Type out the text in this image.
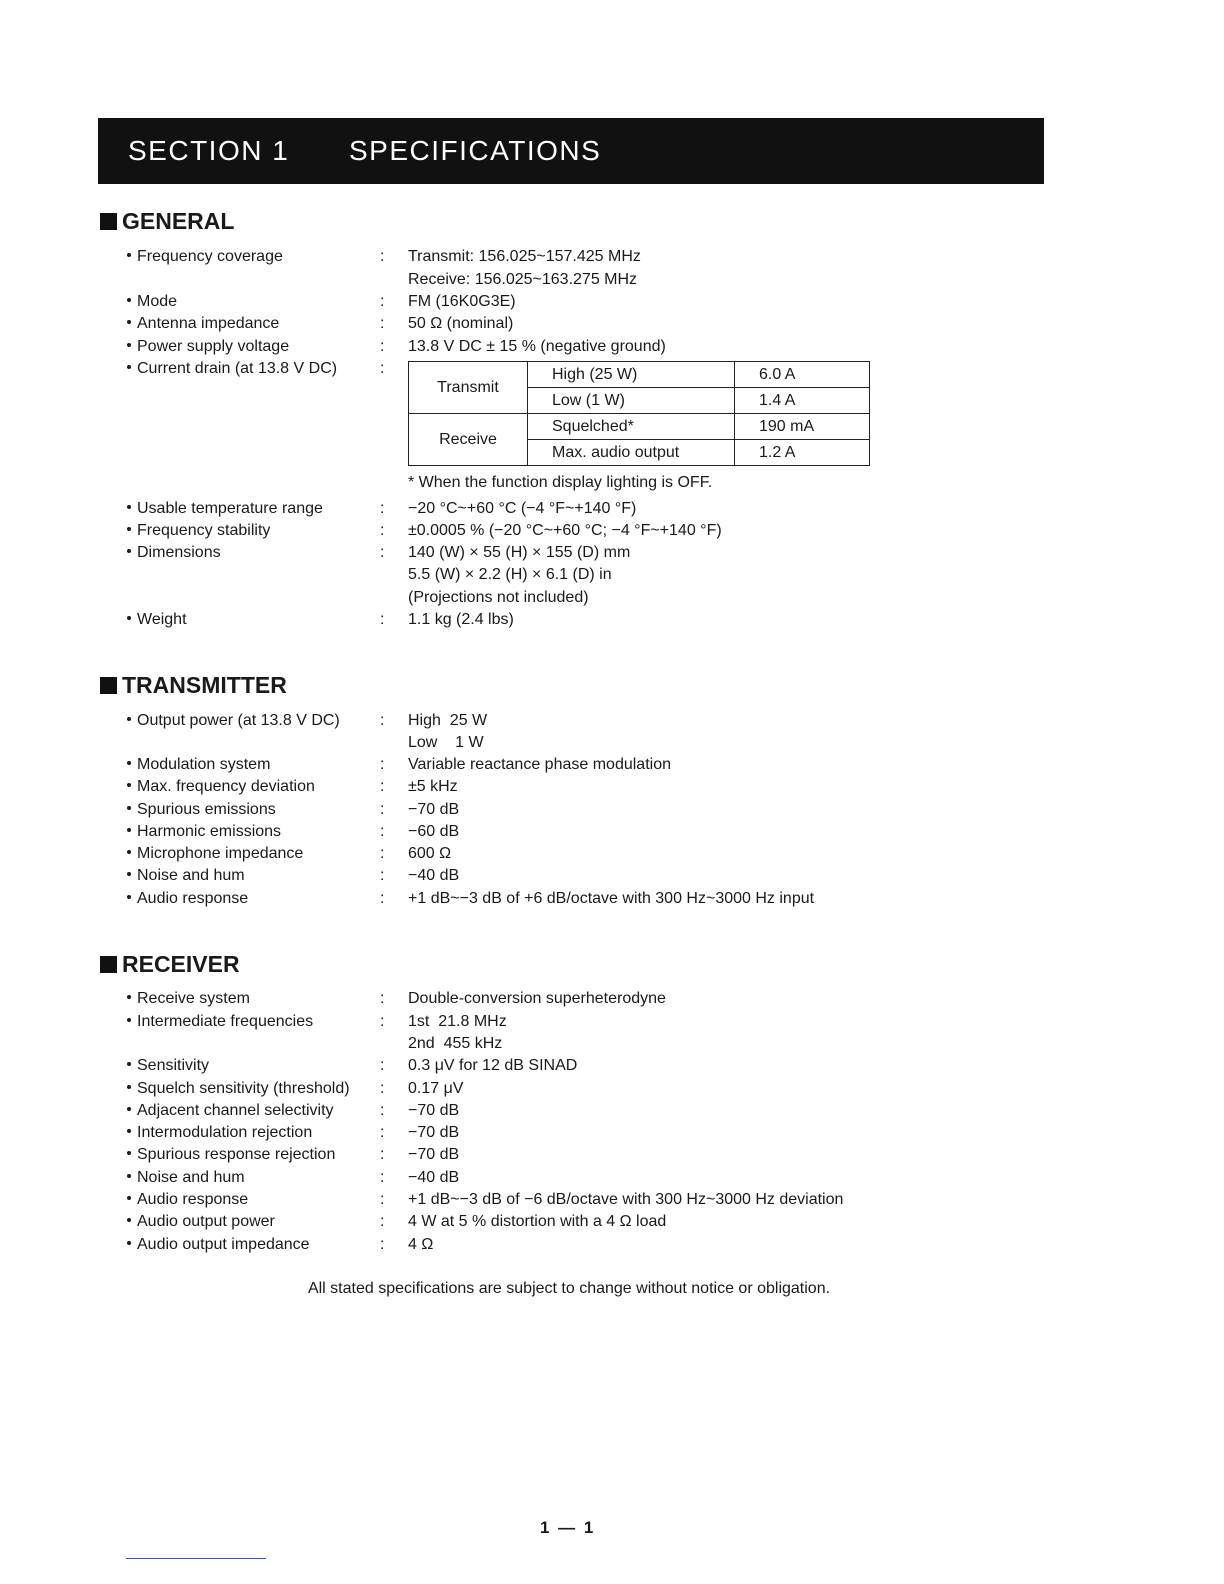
SECTION 1 SPECIFICATIONS
GENERAL
Frequency coverage	: Transmit: 156.025~157.425 MHz
Receive: 156.025~163.275 MHz
Mode	: FM (16K0G3E)
Antenna impedance	: 50 Ω (nominal)
Power supply voltage	: 13.8 V DC ± 15 % (negative ground)
Current drain (at 13.8 V DC)	:
Transmit	High (25 W)	6.0 A
	Low (1 W)	1.4 A
Receive	Squelched*	190 mA
	Max. audio output	1.2 A
* When the function display lighting is OFF.
Usable temperature range	: −20 °C~+60 °C (−4 °F~+140 °F)
Frequency stability	: ±0.0005 % (−20 °C~+60 °C; −4 °F~+140 °F)
Dimensions	: 140 (W) × 55 (H) × 155 (D) mm
5.5 (W) × 2.2 (H) × 6.1 (D) in
(Projections not included)
Weight	: 1.1 kg (2.4 lbs)
TRANSMITTER
Output power (at 13.8 V DC)	: High  25 W
Low    1 W
Modulation system	: Variable reactance phase modulation
Max. frequency deviation	: ±5 kHz
Spurious emissions	: −70 dB
Harmonic emissions	: −60 dB
Microphone impedance	: 600 Ω
Noise and hum	: −40 dB
Audio response	: +1 dB~−3 dB of +6 dB/octave with 300 Hz~3000 Hz input
RECEIVER
Receive system	: Double-conversion superheterodyne
Intermediate frequencies	: 1st  21.8 MHz
2nd  455 kHz
Sensitivity	: 0.3 μV for 12 dB SINAD
Squelch sensitivity (threshold) : 0.17 μV
Adjacent channel selectivity	: −70 dB
Intermodulation rejection	: −70 dB
Spurious response rejection	: −70 dB
Noise and hum	: −40 dB
Audio response	: +1 dB~−3 dB of −6 dB/octave with 300 Hz~3000 Hz deviation
Audio output power	: 4 W at 5 % distortion with a 4 Ω load
Audio output impedance	: 4 Ω
All stated specifications are subject to change without notice or obligation.
1 — 1
